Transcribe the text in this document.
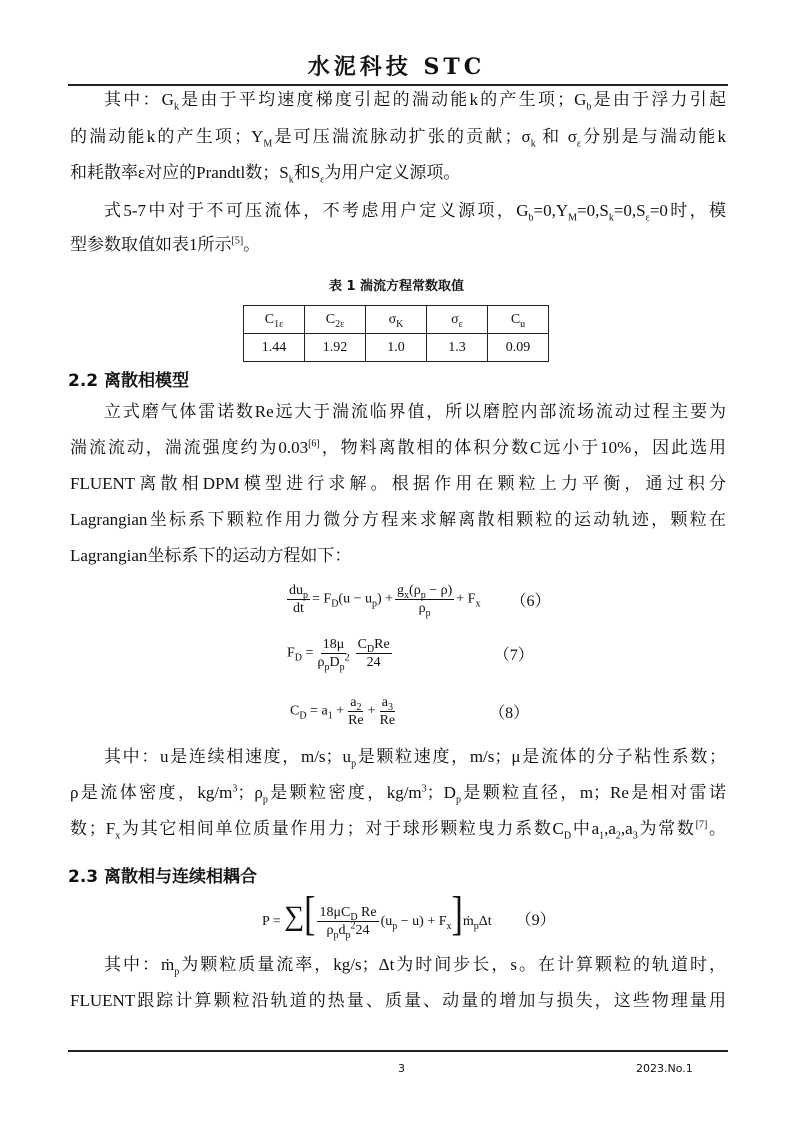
水泥科技 STC
其中：$G_k$是由于平均速度梯度引起的湍动能k的产生项；$G_b$是由于浮力引起
的湍动能k的产生项；$Y_M$是可压湍流脉动扩张的贡献；$\sigma_k$ 和 $\sigma_\varepsilon$分别是与湍动能k
和耗散率ε对应的Prandtl数；$S_k$和$S_\varepsilon$为用户定义源项。
式5-7中对于不可压流体，不考虑用户定义源项，$G_b=0,Y_M=0,S_k=0,S_\varepsilon=0$时，模
型参数取值如表1所示[5]。
表 1 湍流方程常数取值
$C_{1\varepsilon}$	$C_{2\varepsilon}$	$\sigma_K$	$\sigma_\varepsilon$	$C_u$
1.44	1.92	1.0	1.3	0.09
2.2 离散相模型
立式磨气体雷诺数Re远大于湍流临界值，所以磨腔内部流场流动过程主要为
湍流流动，湍流强度约为0.03[6]，物料离散相的体积分数C远小于10%，因此选用
FLUENT离散相DPM模型进行求解。根据作用在颗粒上力平衡，通过积分
Lagrangian坐标系下颗粒作用力微分方程来求解离散相颗粒的运动轨迹，颗粒在
Lagrangian坐标系下的运动方程如下：
$\frac{du_p}{dt} = F_D(u - u_p) + \frac{g_x(\rho_p - \rho)}{\rho_p} + F_x$ （6）
$F_D = \frac{18\mu}{\rho_pD_p^2} \frac{C_DRe}{24}$	（7）
$C_D = a_1 + \frac{a_2}{Re} + \frac{a_3}{Re}$	（8）
其中：u是连续相速度，m/s；$u_p$是颗粒速度，m/s；μ是流体的分子粘性系数；
ρ是流体密度，$kg/m^3$；$\rho_p$是颗粒密度，$kg/m^3$；$D_p$是颗粒直径，m；Re是相对雷诺
数；$F_x$为其它相间单位质量作用力；对于球形颗粒曳力系数$C_D$中$a_1,a_2,a_3$为常数[7]。
2.3 离散相与连续相耦合
P = ∑[ $\frac{18\mu C_D Re}{\rho_pd_p^224} (u_p - u)$ + $F_x]ṁ_p\Delta t$ （9）
其中：ṁ$_p$为颗粒质量流率，kg/s；Δt为时间步长，s。在计算颗粒的轨道时，
FLUENT跟踪计算颗粒沿轨道的热量、质量、动量的增加与损失，这些物理量用
3	2023.No.1
